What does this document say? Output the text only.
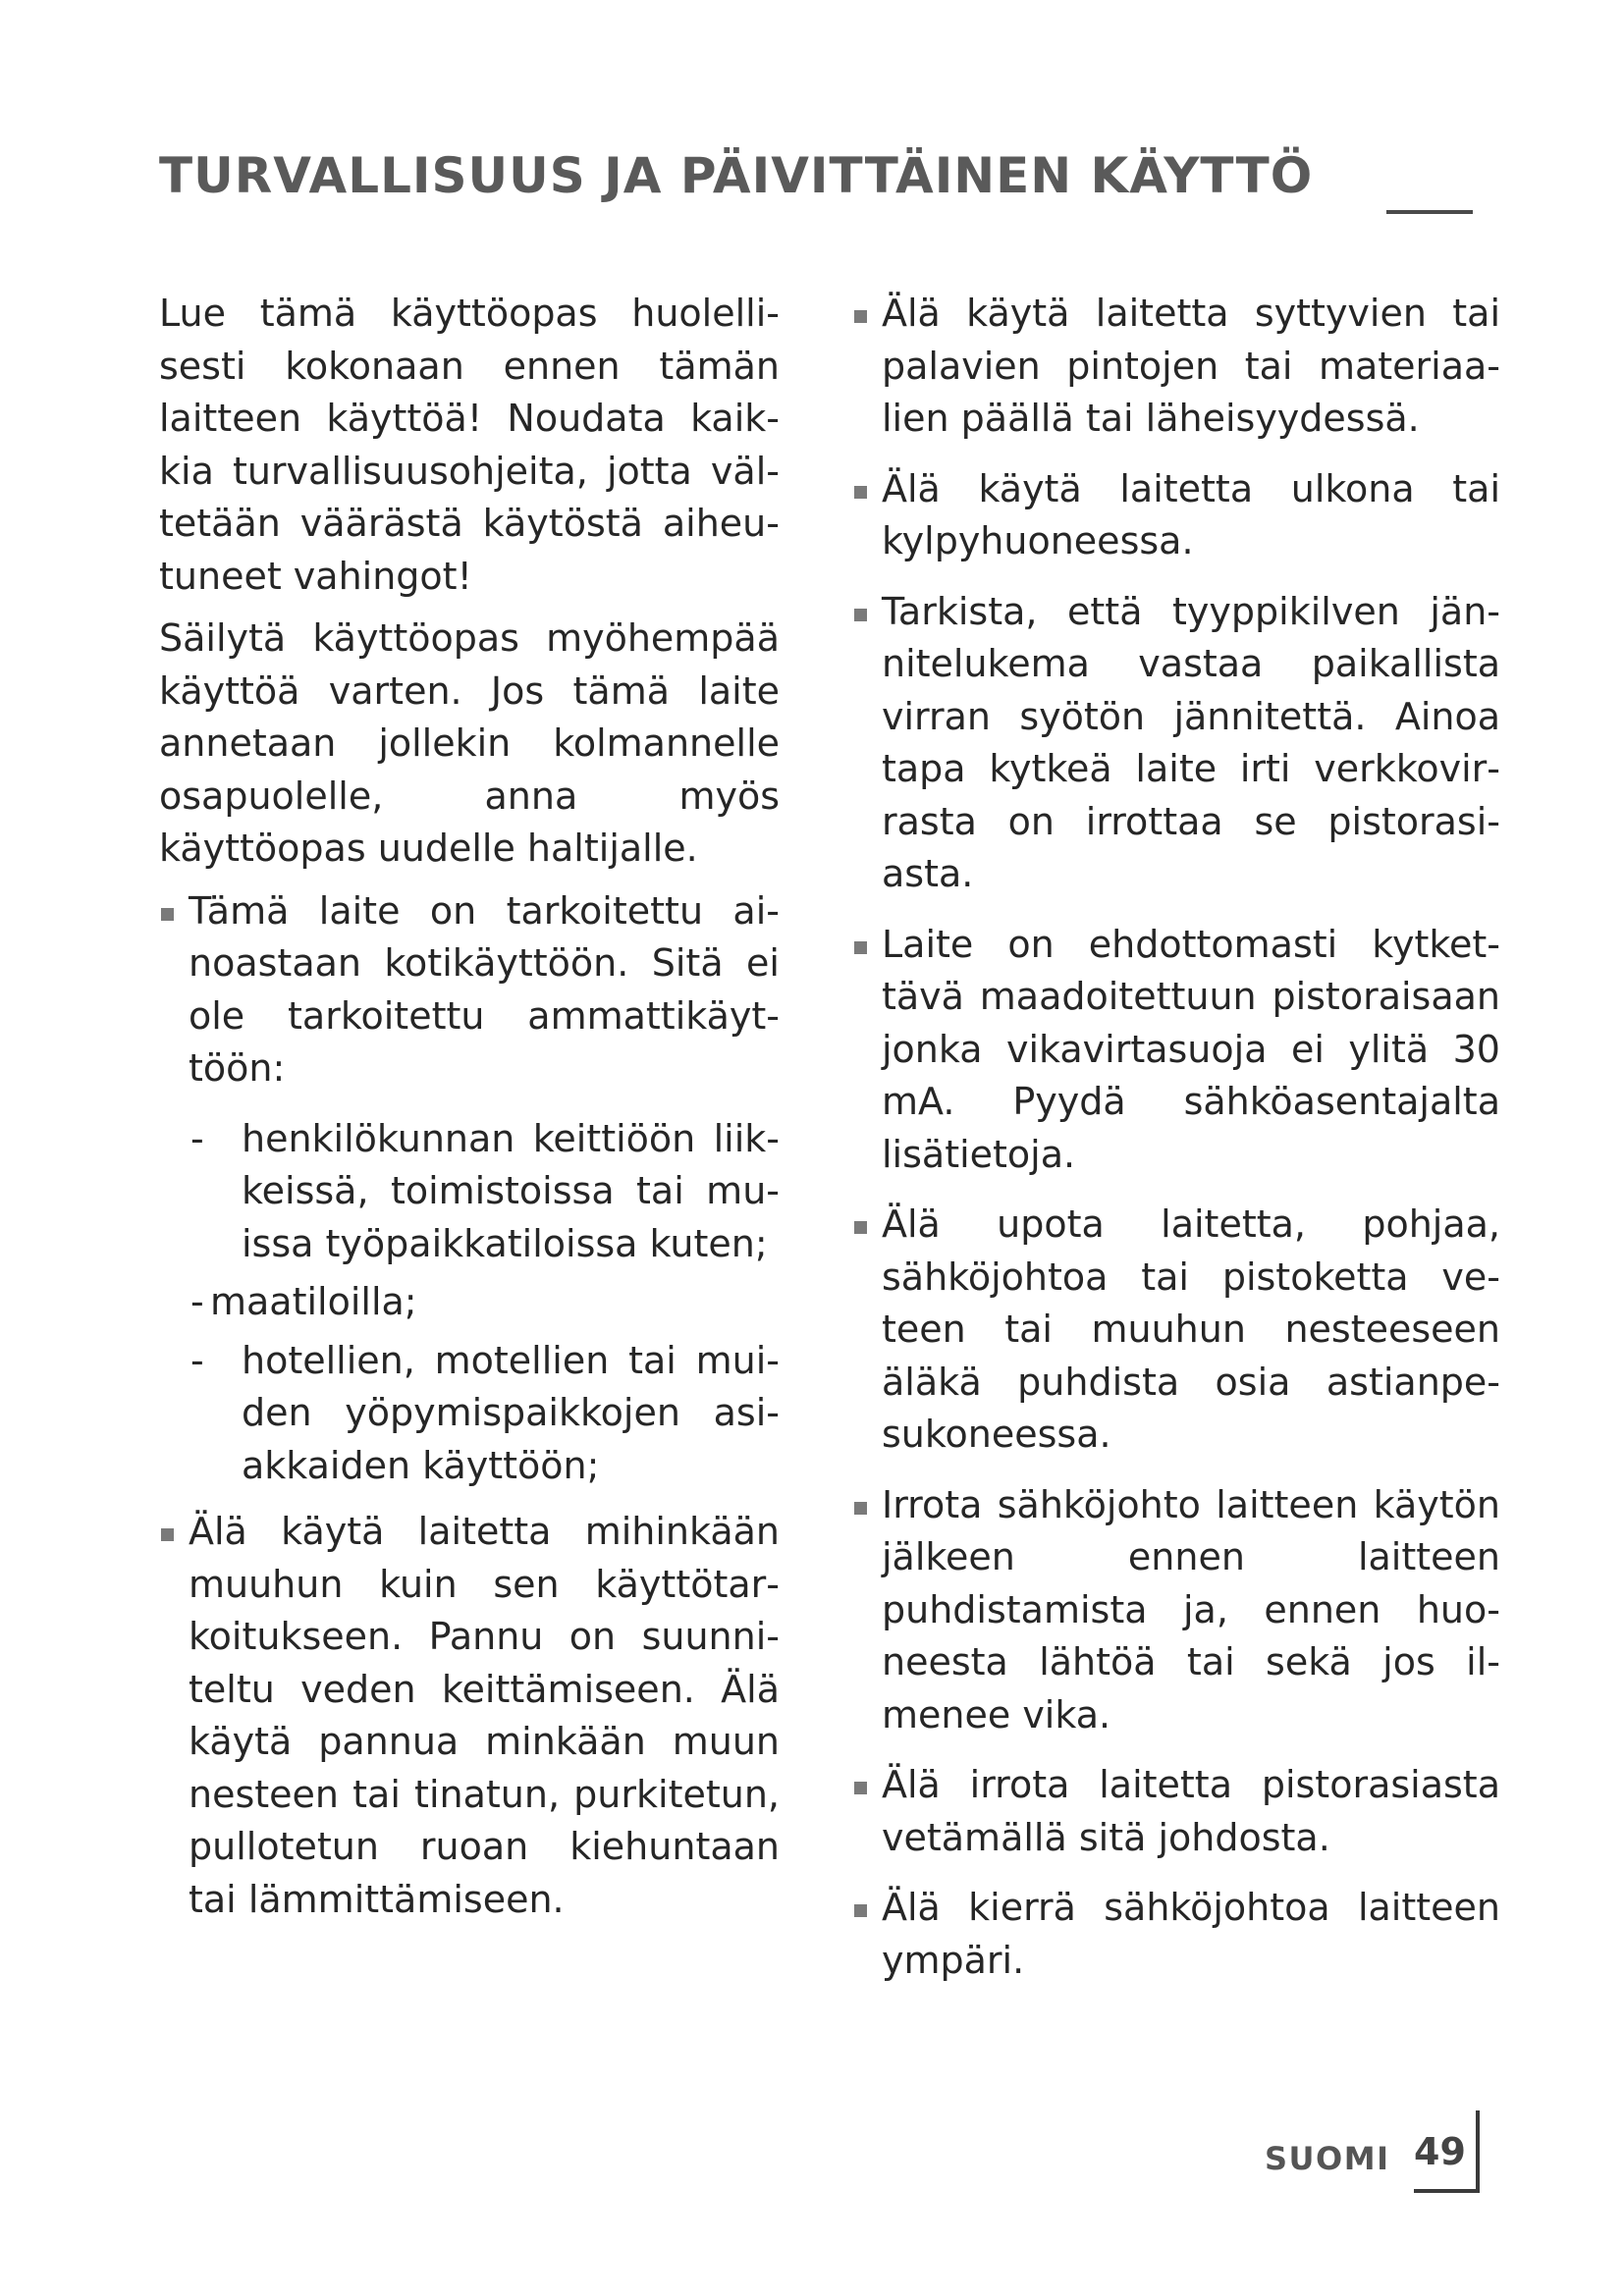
TURVALLISUUS JA PÄIVITTÄINEN KÄYTTÖ

Lue tämä käyttöopas huolellisesti kokonaan ennen tämän laitteen käyttöä! Noudata kaikkia turvallisuusohjeita, jotta vältetään väärästä käytöstä aiheutuneet vahingot!

Säilytä käyttöopas myöhempää käyttöä varten. Jos tämä laite annetaan jollekin kolmannelle osapuolelle, anna myös käyttöopas uudelle haltijalle.

Tämä laite on tarkoitettu ainoastaan kotikäyttöön. Sitä ei ole tarkoitettu ammattikäyttöön:
- henkilökunnan keittiöön liikkeissä, toimistoissa tai muissa työpaikkatiloissa kuten;
- maatiloilla;
- hotellien, motellien tai muiden yöpymispaikkojen asiakkaiden käyttöön;
Älä käytä laitetta mihinkään muuhun kuin sen käyttötarkoitukseen. Pannu on suunniteltu veden keittämiseen. Älä käytä pannua minkään muun nesteen tai tinatun, purkitetun, pullotetun ruoan kiehuntaan tai lämmittämiseen.
Älä käytä laitetta syttyvien tai palavien pintojen tai materiaalien päällä tai läheisyydessä.
Älä käytä laitetta ulkona tai kylpyhuoneessa.
Tarkista, että tyyppikilven jännitelukema vastaa paikallista virran syötön jännitettä. Ainoa tapa kytkeä laite irti verkkovirrasta on irrottaa se pistorasiasta.
Laite on ehdottomasti kytkettävä maadoitettuun pistoraisaan jonka vikavirtasuoja ei ylitä 30 mA. Pyydä sähköasentajalta lisätietoja.
Älä upota laitetta, pohjaa, sähköjohtoa tai pistoketta veteen tai muuhun nesteeseen äläkä puhdista osia astianpesukoneessa.
Irrota sähköjohto laitteen käytön jälkeen ennen laitteen puhdistamista ja, ennen huoneesta lähtöä tai sekä jos ilmenee vika.
Älä irrota laitetta pistorasiasta vetämällä sitä johdosta.
Älä kierrä sähköjohtoa laitteen ympäri.
SUOMI 49
